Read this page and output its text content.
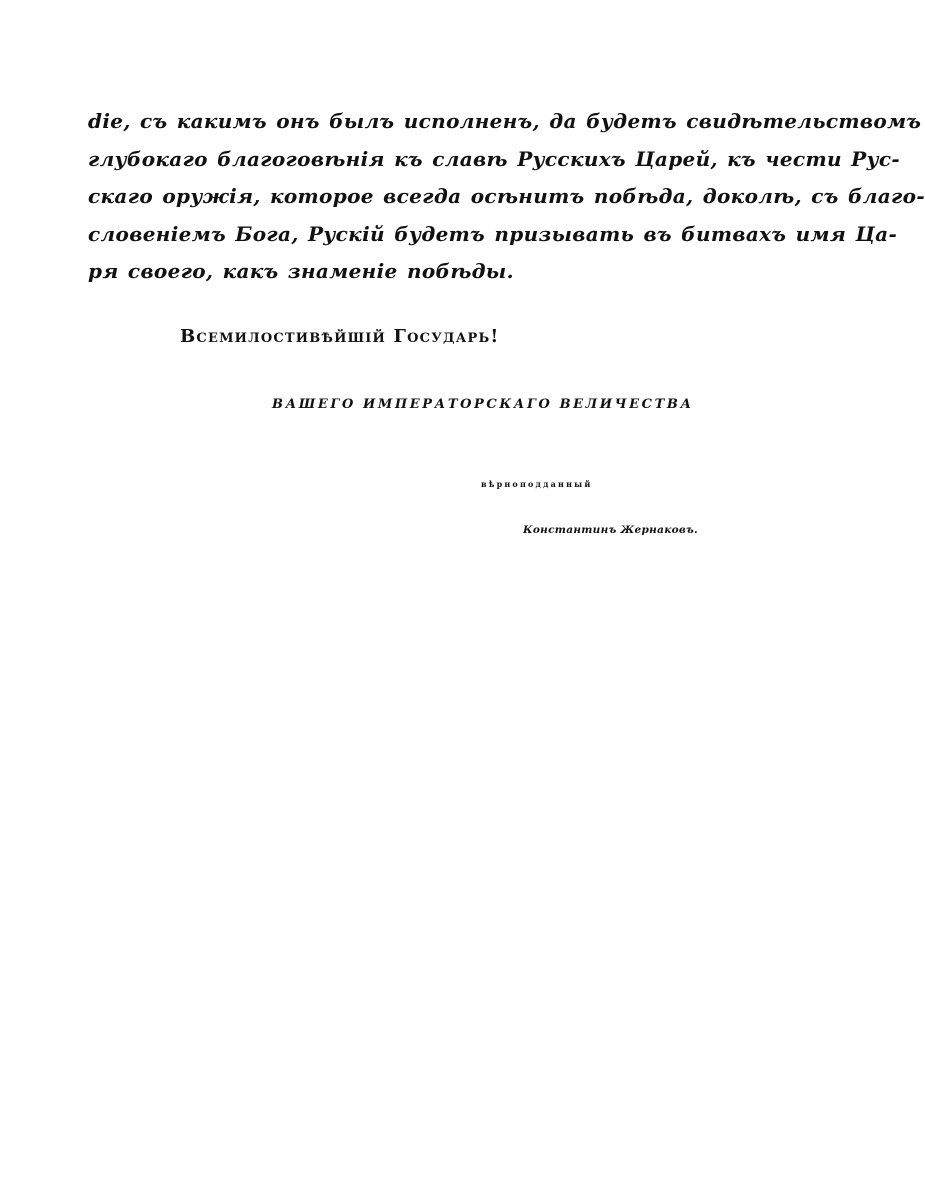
dіе, съ какимъ онъ былъ исполненъ, да будетъ свидѣтельствомъ
глубокаго благоговѣнія къ славѣ Русскихъ Царей, къ чести Рус-
скаго оружія, которое всегда осѣнитъ побѣда, доколѣ, съ благо-
словеніемъ Бога, Рускій будетъ призывать въ битвахъ имя Ца-
ря своего, какъ знаменіе побѣды.
Всемилостивѣйшій Государь!
ВАШЕГО ИМПЕРАТОРСКАГО ВЕЛИЧЕСТВА
вѣрноподданный
Константинъ Жернаковъ.
